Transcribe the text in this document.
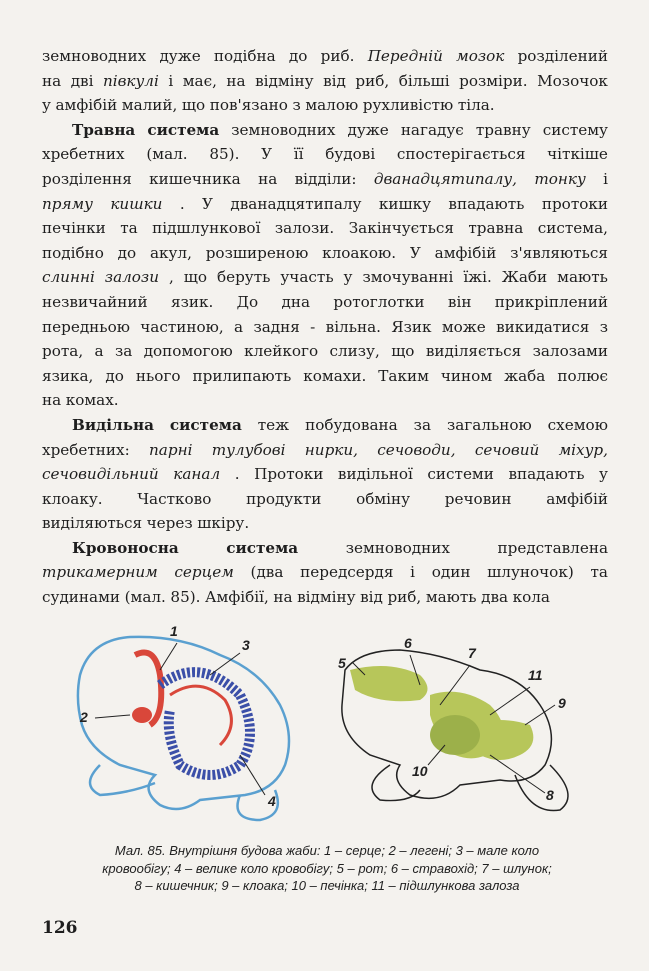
земноводних дуже подібна до риб. Передній мозок розділений
на дві півкулі і має, на відміну від риб, більші розміри. Мозочок
у амфібій малий, що пов'язано з малою рухливістю тіла.
Травна система земноводних дуже нагадує травну систему
хребетних (мал. 85). У її будові спостерігається чіткіше
розділення кишечника на відділи: дванадцятипалу, тонку і
пряму кишки . У дванадцятипалу кишку впадають протоки
печінки та підшлункової залози. Закінчується травна система,
подібно до акул, розширеною клоакою. У амфібій з'являються
слинні залози , що беруть участь у змочуванні їжі. Жаби мають
незвичайний язик. До дна ротоглотки він прикріплений
передньою частиною, а задня - вільна. Язик може викидатися з
рота, а за допомогою клейкого слизу, що виділяється залозами
язика, до нього прилипають комахи. Таким чином жаба полює
на комах.
Видільна система теж побудована за загальною схемою
хребетних: парні тулубові нирки, сечоводи, сечовий міхур,
сечовидільний канал . Протоки видільної системи впадають у
клоаку. Частково продукти обміну речовин амфібій
виділяються через шкіру.
Кровоносна	система	земноводних	представлена
трикамерним серцем (два передсердя і один шлуночок) та
судинами (мал. 85). Амфібії, на відміну від риб, мають два кола
1
2
3
4
5
6
7
11
9
10
8
Мал. 85. Внутрішня будова жаби: 1 – серце; 2 – легені; 3 – мале коло
кровообігу; 4 – велике коло кровобігу; 5 – рот; 6 – стравохід; 7 – шлунок;
8 – кишечник; 9 – клоака; 10 – печінка; 11 – підшлункова залоза
126
